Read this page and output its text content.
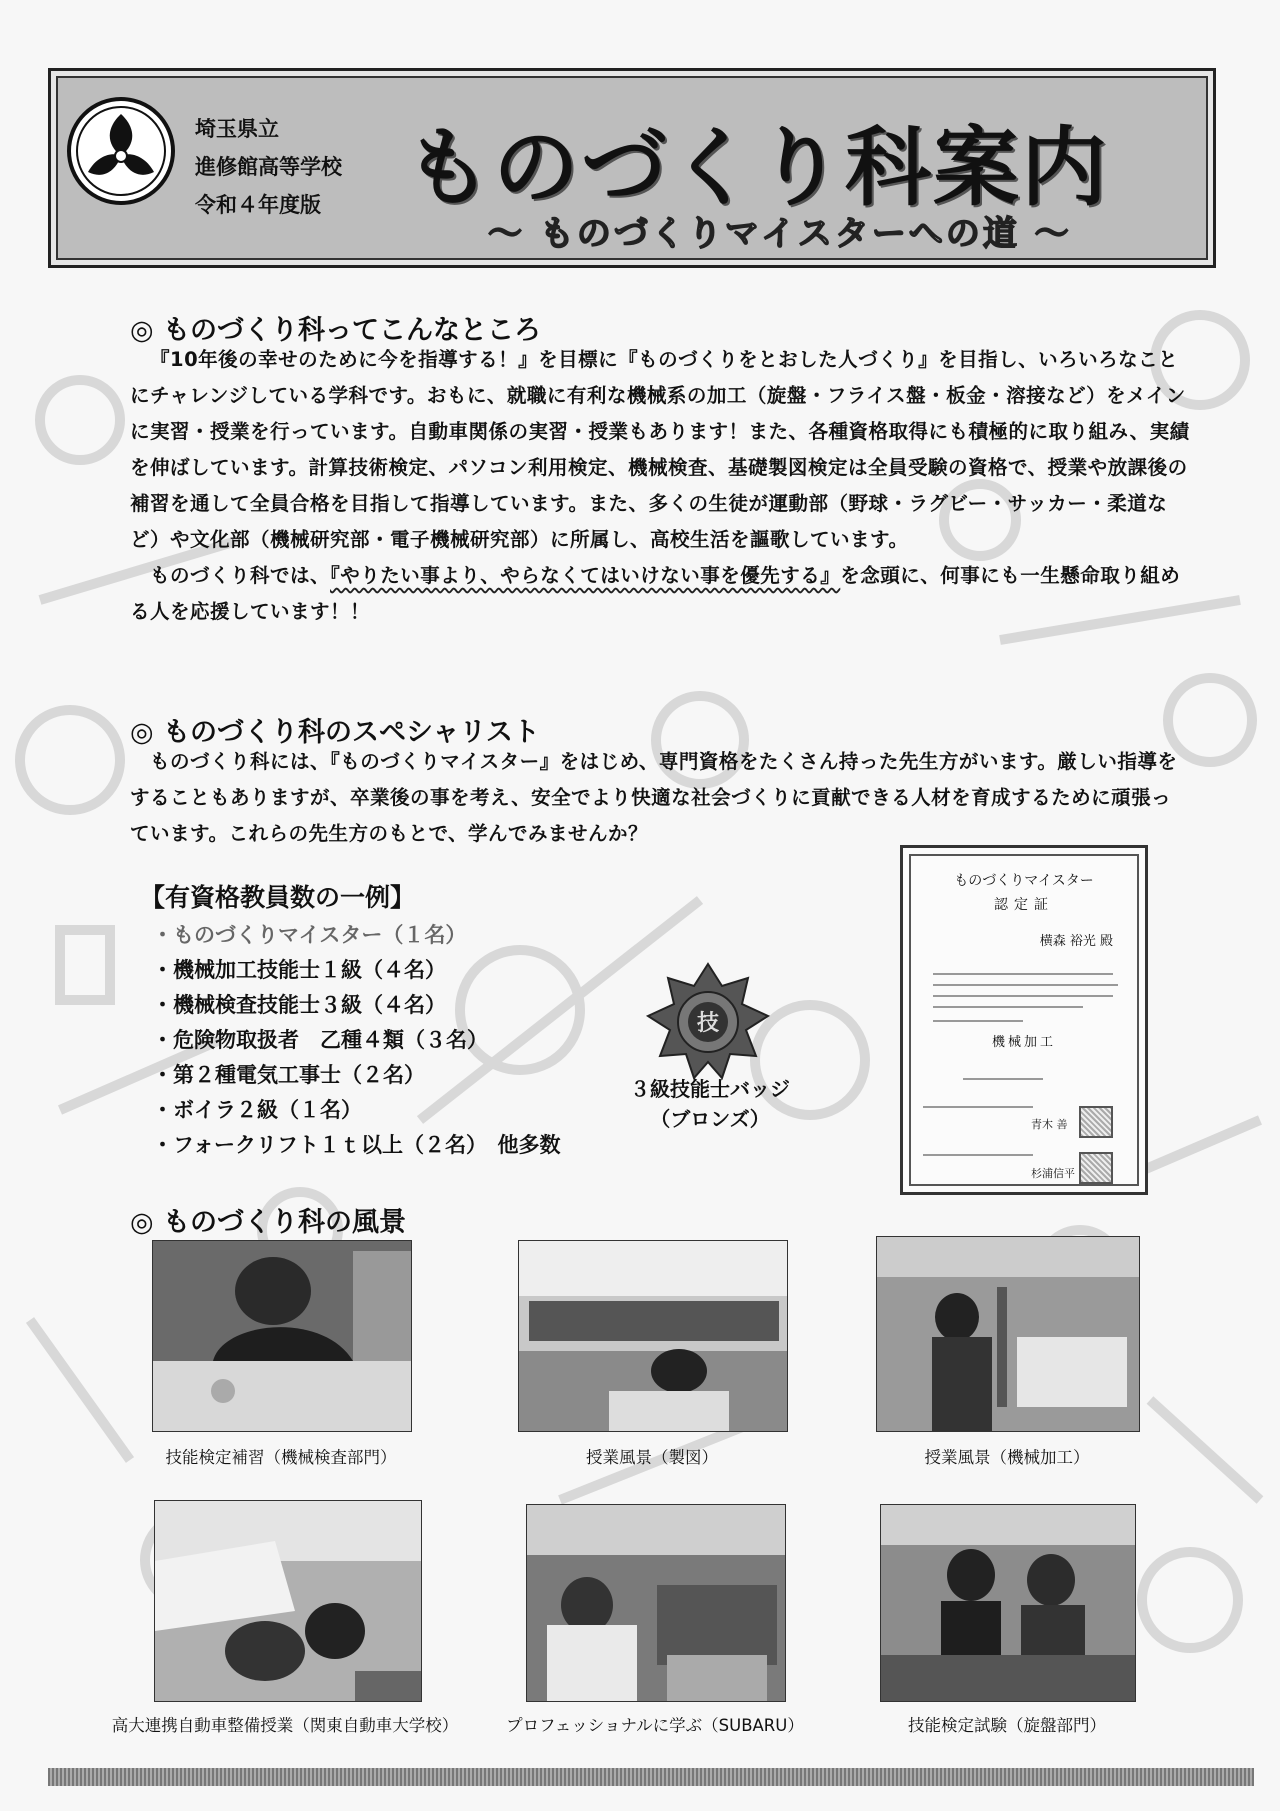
埼玉県立
進修館高等学校
令和４年度版 ものづくり科案内
～ ものづくりマイスターへの道 ～
◎ ものづくり科ってこんなところ

『10年後の幸せのために今を指導する！』を目標に『ものづくりをとおした人づくり』を目指し、いろいろなことにチャレンジしている学科です。おもに、就職に有利な機械系の加工（旋盤・フライス盤・板金・溶接など）をメインに実習・授業を行っています。自動車関係の実習・授業もあります！また、各種資格取得にも積極的に取り組み、実績を伸ばしています。計算技術検定、パソコン利用検定、機械検査、基礎製図検定は全員受験の資格で、授業や放課後の補習を通して全員合格を目指して指導しています。また、多くの生徒が運動部（野球・ラグビー・サッカー・柔道など）や文化部（機械研究部・電子機械研究部）に所属し、高校生活を謳歌しています。

ものづくり科では、『やりたい事より、やらなくてはいけない事を優先する』を念頭に、何事にも一生懸命取り組める人を応援しています！！

◎ ものづくり科のスペシャリスト

ものづくり科には、『ものづくりマイスター』をはじめ、専門資格をたくさん持った先生方がいます。厳しい指導をすることもありますが、卒業後の事を考え、安全でより快適な社会づくりに貢献できる人材を育成するために頑張っています。これらの先生方のもとで、学んでみませんか？

【有資格教員数の一例】
・ものづくりマイスター（１名）
・機械加工技能士１級（４名）
・機械検査技能士３級（４名）
・危険物取扱者　乙種４類（３名）
・第２種電気工事士（２名）
・ボイラ２級（１名）
・フォークリフト１ｔ以上（２名）　他多数
技
３級技能士バッジ
（ブロンズ）
ものづくりマイスター
認定証
横森 裕光 殿
機械加工
青木 善
杉浦信平
◎ ものづくり科の風景
技能検定補習（機械検査部門）	授業風景（製図）	授業風景（機械加工）
高大連携自動車整備授業（関東自動車大学校）	プロフェッショナルに学ぶ（SUBARU）	技能検定試験（旋盤部門）
